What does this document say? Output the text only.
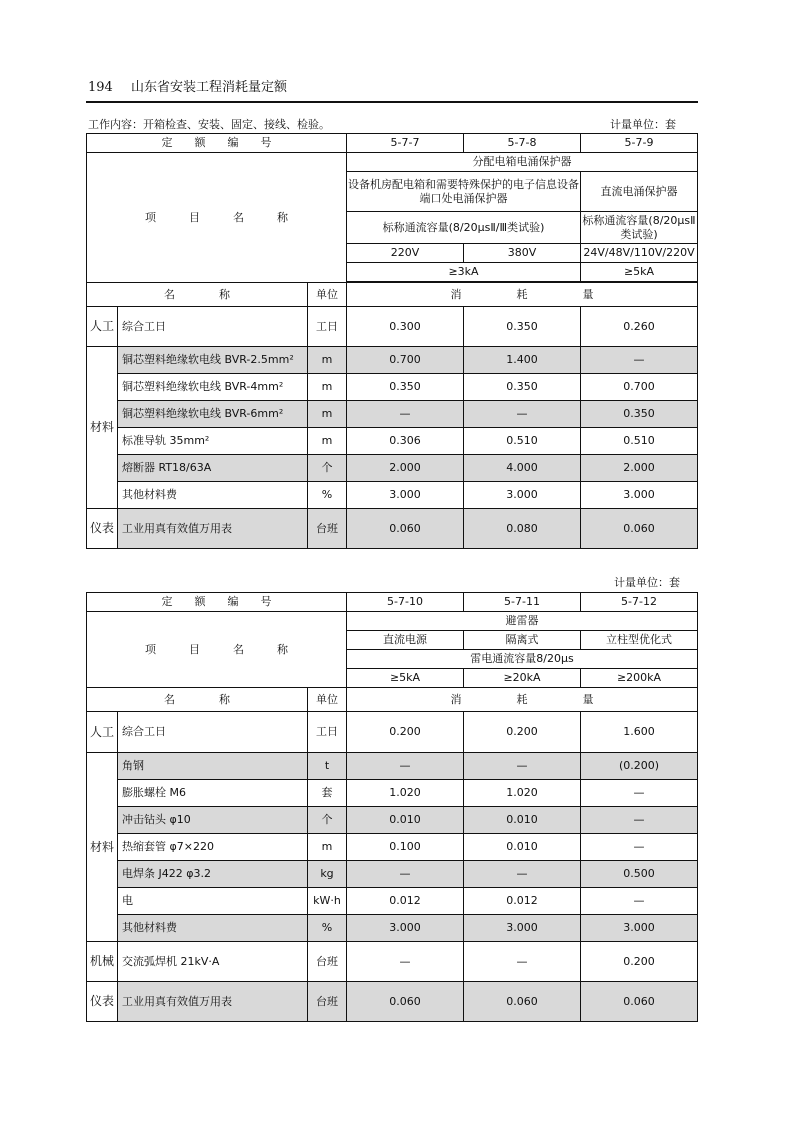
194 山东省安装工程消耗量定额
工作内容：开箱检查、安装、固定、接线、检验。	计量单位：套
定　　额　　编　　号			5-7-7	5-7-8	5-7-9
项　　　目　　　名　　　称			分配电箱电涌保护器		
			设备机房配电箱和需要特殊保护的电子信息设备端口处电涌保护器		直流电涌保护器
			标称通流容量(8/20μsⅡ/Ⅲ类试验)		标称通流容量(8/20μsⅡ类试验)
			220V	380V	24V/48V/110V/220V
			≥3kA		≥5kA

名　　　　称		单位	消　　　　　耗　　　　　量		
人工	综合工日	工日	0.300	0.350	0.260
材料	铜芯塑料绝缘软电线 BVR-2.5mm²	m	0.700	1.400	—
	铜芯塑料绝缘软电线 BVR-4mm²	m	0.350	0.350	0.700
	铜芯塑料绝缘软电线 BVR-6mm²	m	—	—	0.350
	标准导轨 35mm²	m	0.306	0.510	0.510
	熔断器 RT18/63A	个	2.000	4.000	2.000
	其他材料费	%	3.000	3.000	3.000
仪表	工业用真有效值万用表	台班	0.060	0.080	0.060
计量单位：套
定　　额　　编　　号			5-7-10	5-7-11	5-7-12
项　　　目　　　名　　　称			避雷器		
			直流电源	隔离式	立柱型优化式
			雷电通流容量8/20μs		
			≥5kA	≥20kA	≥200kA
名　　　　称		单位	消　　　　　耗　　　　　量		
人工	综合工日	工日	0.200	0.200	1.600
材料	角钢	t	—	—	(0.200)
	膨胀螺栓 M6	套	1.020	1.020	—
	冲击钻头 φ10	个	0.010	0.010	—
	热缩套管 φ7×220	m	0.100	0.010	—
	电焊条 J422 φ3.2	kg	—	—	0.500
	电	kW·h	0.012	0.012	—
	其他材料费	%	3.000	3.000	3.000
机械	交流弧焊机 21kV·A	台班	—	—	0.200
仪表	工业用真有效值万用表	台班	0.060	0.060	0.060
